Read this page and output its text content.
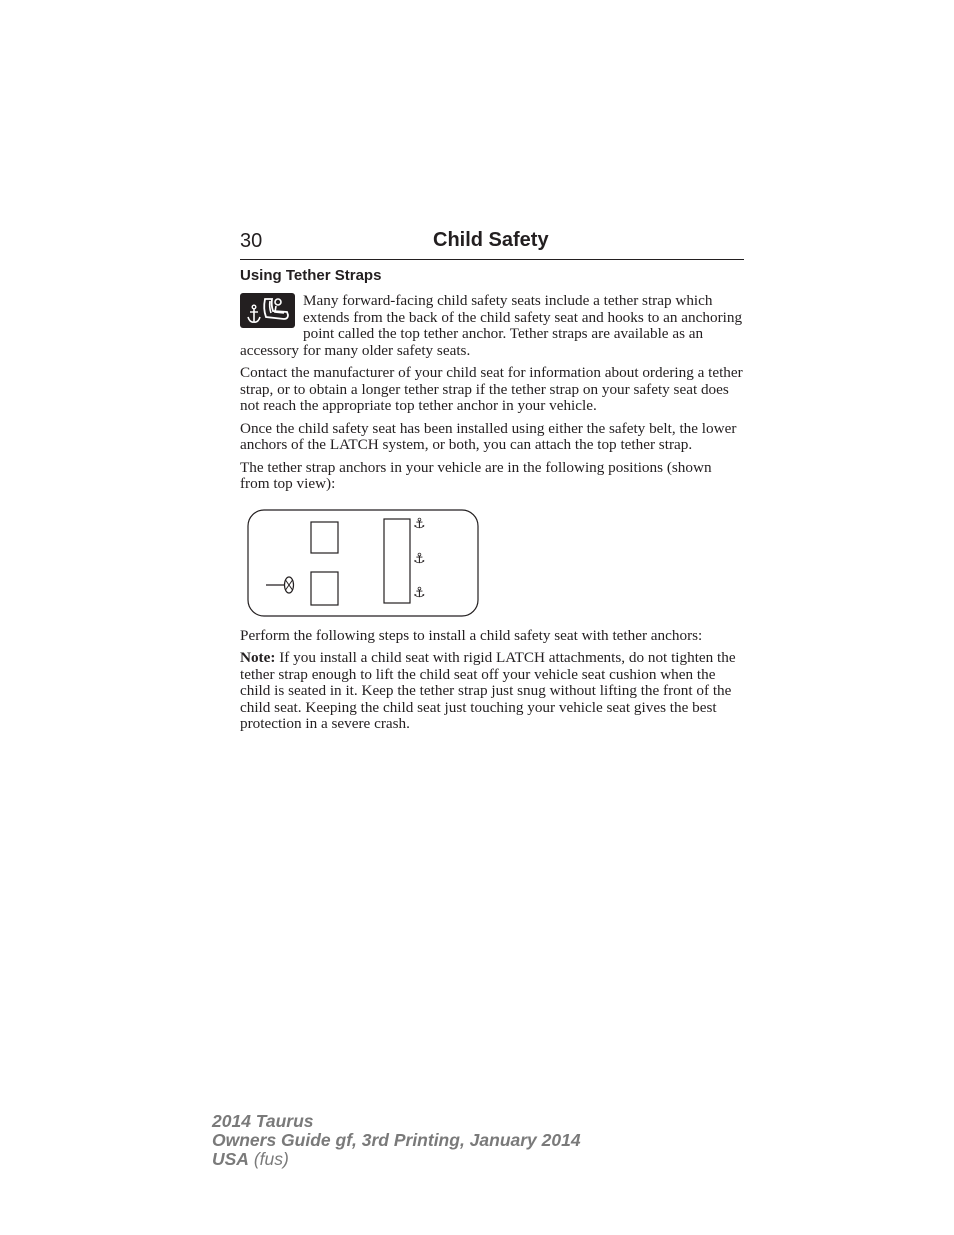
30	Child Safety
Using Tether Straps

Many forward-facing child safety seats include a tether strap which extends from the back of the child safety seat and hooks to an anchoring point called the top tether anchor. Tether straps are available as an accessory for many older safety seats.

Contact the manufacturer of your child seat for information about ordering a tether strap, or to obtain a longer tether strap if the tether strap on your safety seat does not reach the appropriate top tether anchor in your vehicle.

Once the child safety seat has been installed using either the safety belt, the lower anchors of the LATCH system, or both, you can attach the top tether strap.

The tether strap anchors in your vehicle are in the following positions (shown from top view):

⚓
⚓
⚓

Perform the following steps to install a child safety seat with tether anchors:

Note: If you install a child seat with rigid LATCH attachments, do not tighten the tether strap enough to lift the child seat off your vehicle seat cushion when the child is seated in it. Keep the tether strap just snug without lifting the front of the child seat. Keeping the child seat just touching your vehicle seat gives the best protection in a severe crash.

2014 Taurus
Owners Guide gf, 3rd Printing, January 2014
USA (fus)
